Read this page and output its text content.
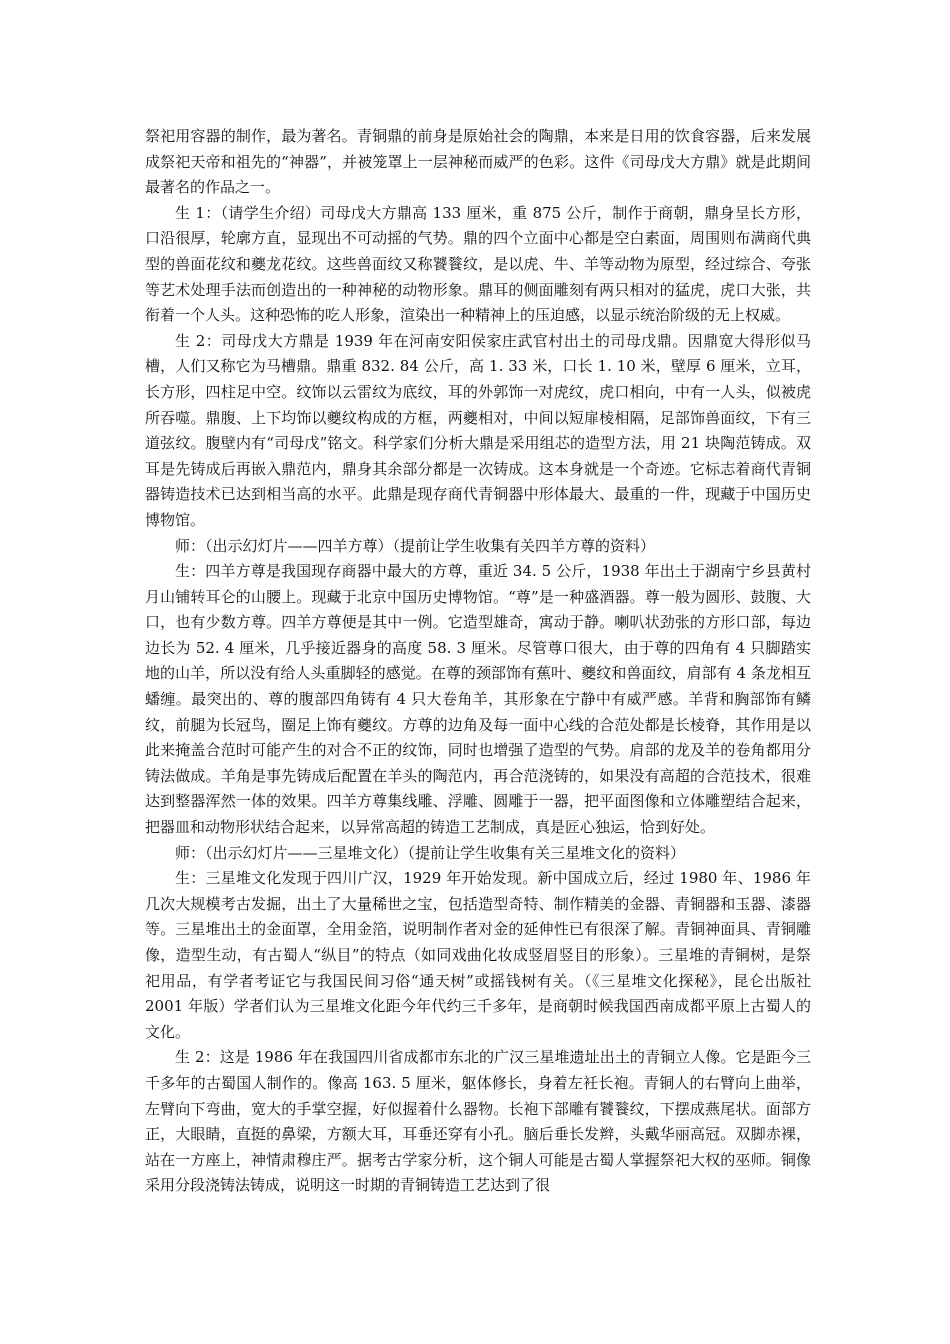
祭祀用容器的制作，最为著名。青铜鼎的前身是原始社会的陶鼎，本来是日用的饮食容器，后来发展成祭祀天帝和祖先的“神器”，并被笼罩上一层神秘而威严的色彩。这件《司母戊大方鼎》就是此期间最著名的作品之一。

生 1：（请学生介绍）司母戊大方鼎高 133 厘米，重 875 公斤，制作于商朝，鼎身呈长方形，口沿很厚，轮廓方直，显现出不可动摇的气势。鼎的四个立面中心都是空白素面，周围则布满商代典型的兽面花纹和夔龙花纹。这些兽面纹又称饕餮纹，是以虎、牛、羊等动物为原型，经过综合、夸张等艺术处理手法而创造出的一种神秘的动物形象。鼎耳的侧面雕刻有两只相对的猛虎，虎口大张，共衔着一个人头。这种恐怖的吃人形象，渲染出一种精神上的压迫感，以显示统治阶级的无上权威。

生 2：司母戊大方鼎是 1939 年在河南安阳侯家庄武官村出土的司母戊鼎。因鼎宽大得形似马槽，人们又称它为马槽鼎。鼎重 832. 84 公斤，高 1. 33 米，口长 1. 10 米，壁厚 6 厘米，立耳，长方形，四柱足中空。纹饰以云雷纹为底纹，耳的外郭饰一对虎纹，虎口相向，中有一人头，似被虎所吞噬。鼎腹、上下均饰以夔纹构成的方框，两夔相对，中间以短扉棱相隔，足部饰兽面纹，下有三道弦纹。腹壁内有“司母戊”铭文。科学家们分析大鼎是采用组芯的造型方法，用 21 块陶范铸成。双耳是先铸成后再嵌入鼎范内，鼎身其余部分都是一次铸成。这本身就是一个奇迹。它标志着商代青铜器铸造技术已达到相当高的水平。此鼎是现存商代青铜器中形体最大、最重的一件，现藏于中国历史博物馆。

师：（出示幻灯片——四羊方尊）（提前让学生收集有关四羊方尊的资料）

生：四羊方尊是我国现存商器中最大的方尊，重近 34. 5 公斤，1938 年出土于湖南宁乡县黄村月山铺转耳仑的山腰上。现藏于北京中国历史博物馆。“尊”是一种盛酒器。尊一般为圆形、鼓腹、大口，也有少数方尊。四羊方尊便是其中一例。它造型雄奇，寓动于静。喇叭状劲张的方形口部，每边边长为 52. 4 厘米，几乎接近器身的高度 58. 3 厘米。尽管尊口很大，由于尊的四角有 4 只脚踏实地的山羊，所以没有给人头重脚轻的感觉。在尊的颈部饰有蕉叶、夔纹和兽面纹，肩部有 4 条龙相互蟠缠。最突出的、尊的腹部四角铸有 4 只大卷角羊，其形象在宁静中有威严感。羊背和胸部饰有鳞纹，前腿为长冠鸟，圈足上饰有夔纹。方尊的边角及每一面中心线的合范处都是长棱脊，其作用是以此来掩盖合范时可能产生的对合不正的纹饰，同时也增强了造型的气势。肩部的龙及羊的卷角都用分铸法做成。羊角是事先铸成后配置在羊头的陶范内，再合范浇铸的，如果没有高超的合范技术，很难达到整器浑然一体的效果。四羊方尊集线雕、浮雕、圆雕于一器，把平面图像和立体雕塑结合起来，把器皿和动物形状结合起来，以异常高超的铸造工艺制成，真是匠心独运，恰到好处。

师：（出示幻灯片——三星堆文化）（提前让学生收集有关三星堆文化的资料）

生：三星堆文化发现于四川广汉，1929 年开始发现。新中国成立后，经过 1980 年、1986 年几次大规模考古发掘，出土了大量稀世之宝，包括造型奇特、制作精美的金器、青铜器和玉器、漆器等。三星堆出土的金面罩，全用金箔，说明制作者对金的延伸性已有很深了解。青铜神面具、青铜雕像，造型生动，有古蜀人“纵目”的特点（如同戏曲化妆成竖眉竖目的形象）。三星堆的青铜树，是祭祀用品，有学者考证它与我国民间习俗“通天树”或摇钱树有关。（《三星堆文化探秘》，昆仑出版社 2001 年版）学者们认为三星堆文化距今年代约三千多年，是商朝时候我国西南成都平原上古蜀人的文化。

生 2：这是 1986 年在我国四川省成都市东北的广汉三星堆遗址出土的青铜立人像。它是距今三千多年的古蜀国人制作的。像高 163. 5 厘米，躯体修长，身着左衽长袍。青铜人的右臂向上曲举，左臂向下弯曲，宽大的手掌空握，好似握着什么器物。长袍下部雕有饕餮纹，下摆成燕尾状。面部方正，大眼睛，直挺的鼻梁，方额大耳，耳垂还穿有小孔。脑后垂长发辫，头戴华丽高冠。双脚赤裸，站在一方座上，神情肃穆庄严。据考古学家分析，这个铜人可能是古蜀人掌握祭祀大权的巫师。铜像采用分段浇铸法铸成，说明这一时期的青铜铸造工艺达到了很
